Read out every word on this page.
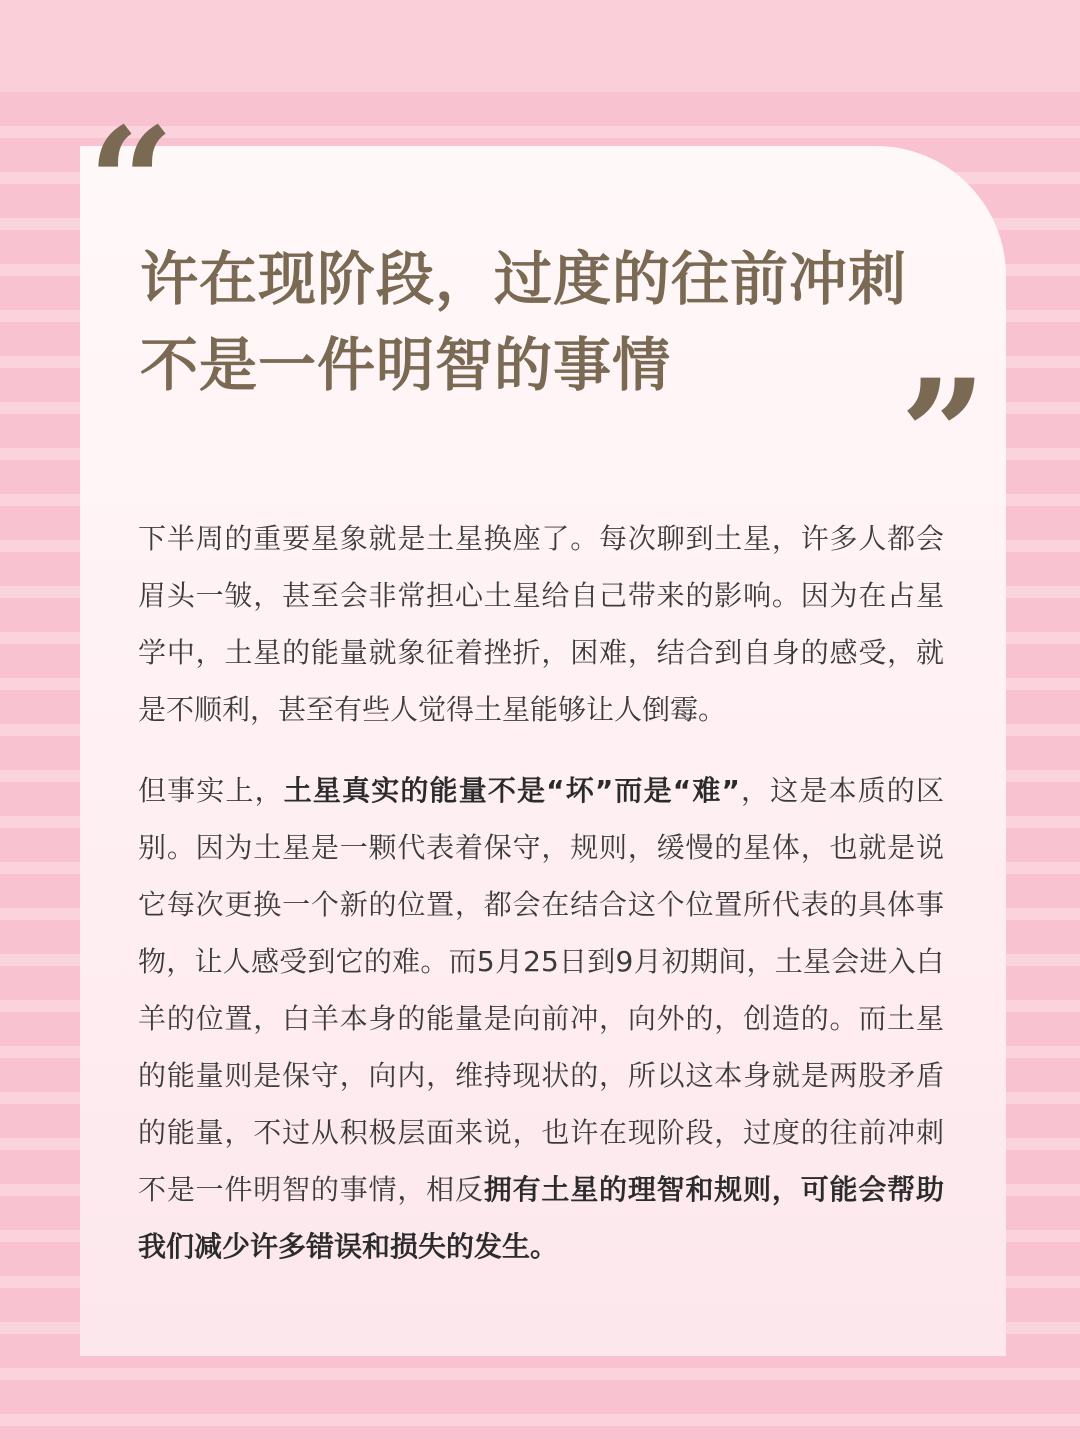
“
许在现阶段，过度的往前冲刺
不是一件明智的事情	”

下半周的重要星象就是土星换座了。每次聊到土星，许多人都会眉头一皱，甚至会非常担心土星给自己带来的影响。因为在占星学中，土星的能量就象征着挫折，困难，结合到自身的感受，就是不顺利，甚至有些人觉得土星能够让人倒霉。

但事实上，土星真实的能量不是“坏”而是“难”，这是本质的区别。因为土星是一颗代表着保守，规则，缓慢的星体，也就是说它每次更换一个新的位置，都会在结合这个位置所代表的具体事物，让人感受到它的难。而5月25日到9月初期间，土星会进入白羊的位置，白羊本身的能量是向前冲，向外的，创造的。而土星的能量则是保守，向内，维持现状的，所以这本身就是两股矛盾的能量，不过从积极层面来说，也许在现阶段，过度的往前冲刺不是一件明智的事情，相反拥有土星的理智和规则，可能会帮助我们减少许多错误和损失的发生。
